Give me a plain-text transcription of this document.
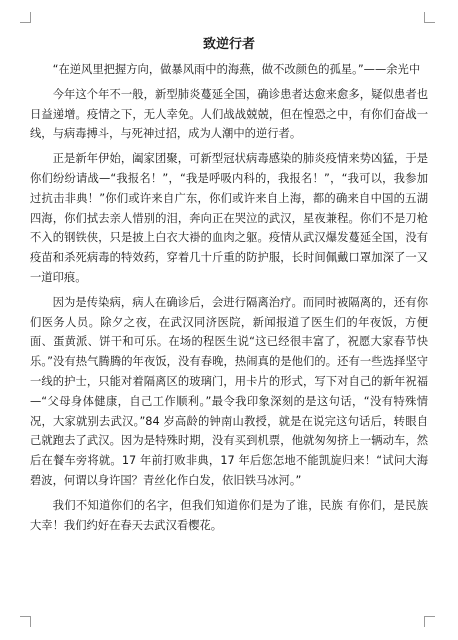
致逆行者

“在逆风里把握方向，做暴风雨中的海燕，做不改颜色的孤星。”——余光中

今年这个年不一般，新型肺炎蔓延全国，确诊患者达愈来愈多，疑似患者也日益递增。疫情之下，无人幸免。人们战战兢兢，但在惶恐之中，有你们奋战一线，与病毒搏斗，与死神过招，成为人潮中的逆行者。

正是新年伊始，阖家团聚，可新型冠状病毒感染的肺炎疫情来势凶猛，于是你们纷纷请战—“我报名！”，“我是呼吸内科的，我报名！”，“我可以，我参加过抗击非典！”你们或许来自广东，你们或许来自上海，都的确来自中国的五湖四海，你们拭去亲人惜别的泪，奔向正在哭泣的武汉，星夜兼程。你们不是刀枪不入的钢铁侠，只是披上白衣大褂的血肉之躯。疫情从武汉爆发蔓延全国，没有疫苗和杀死病毒的特效药，穿着几十斤重的防护服，长时间佩戴口罩加深了一又一道印痕。

因为是传染病，病人在确诊后，会进行隔离治疗。而同时被隔离的，还有你们医务人员。除夕之夜，在武汉同济医院，新闻报道了医生们的年夜饭，方便面、蛋黄派、饼干和可乐。在场的程医生说“这已经很丰富了，祝愿大家春节快乐。”没有热气腾腾的年夜饭，没有春晚，热闹真的是他们的。还有一些选择坚守一线的护士，只能对着隔离区的玻璃门，用卡片的形式，写下对自己的新年祝福—“父母身体健康，自己工作顺利。”最令我印象深刻的是这句话，“没有特殊情况，大家就别去武汉。”84 岁高龄的钟南山教授，就是在说完这句话后，转眼自己就跑去了武汉。因为是特殊时期，没有买到机票，他就匆匆挤上一辆动车，然后在餐车旁将就。17 年前打败非典，17 年后您怎地不能凯旋归来！“试问大海碧波，何谓以身许国？青丝化作白发，依旧铁马冰河。”

我们不知道你们的名字，但我们知道你们是为了谁，民族 有你们，是民族大幸！我们约好在春天去武汉看樱花。
